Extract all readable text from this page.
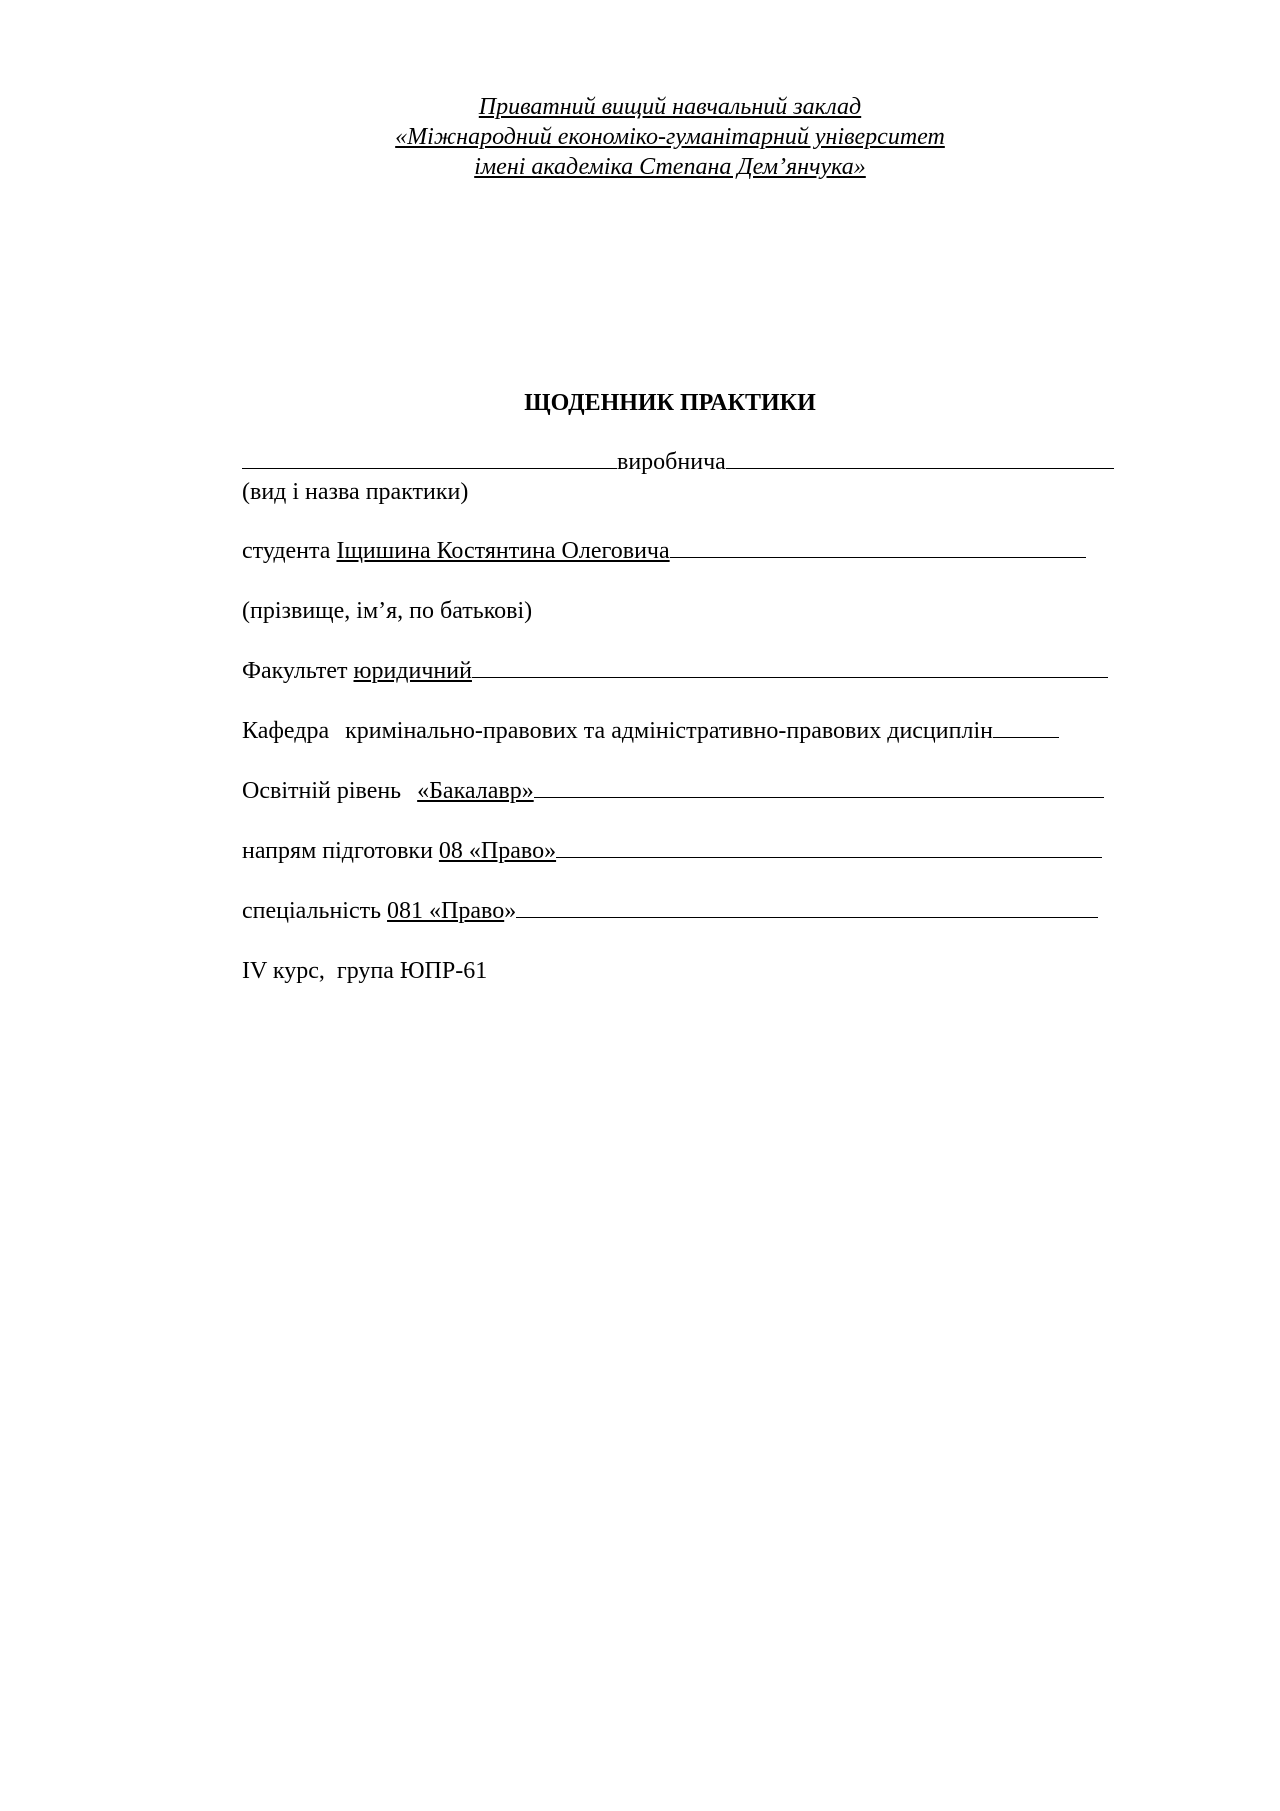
Приватний вищий навчальний заклад
«Міжнародний економіко-гуманітарний університет
імені академіка Степана Дем’янчука»
ЩОДЕННИК ПРАКТИКИ
виробнича
(вид і назва практики)
студента Іщишина Костянтина Олеговича
(прізвище, ім’я, по батькові)
Факультет юридичний
Кафедра кримінально-правових та адміністративно-правових дисциплін
Освітній рівень «Бакалавр»
напрям підготовки 08 «Право»
спеціальність 081 «Право»
IV курс,  група ЮПР-61
